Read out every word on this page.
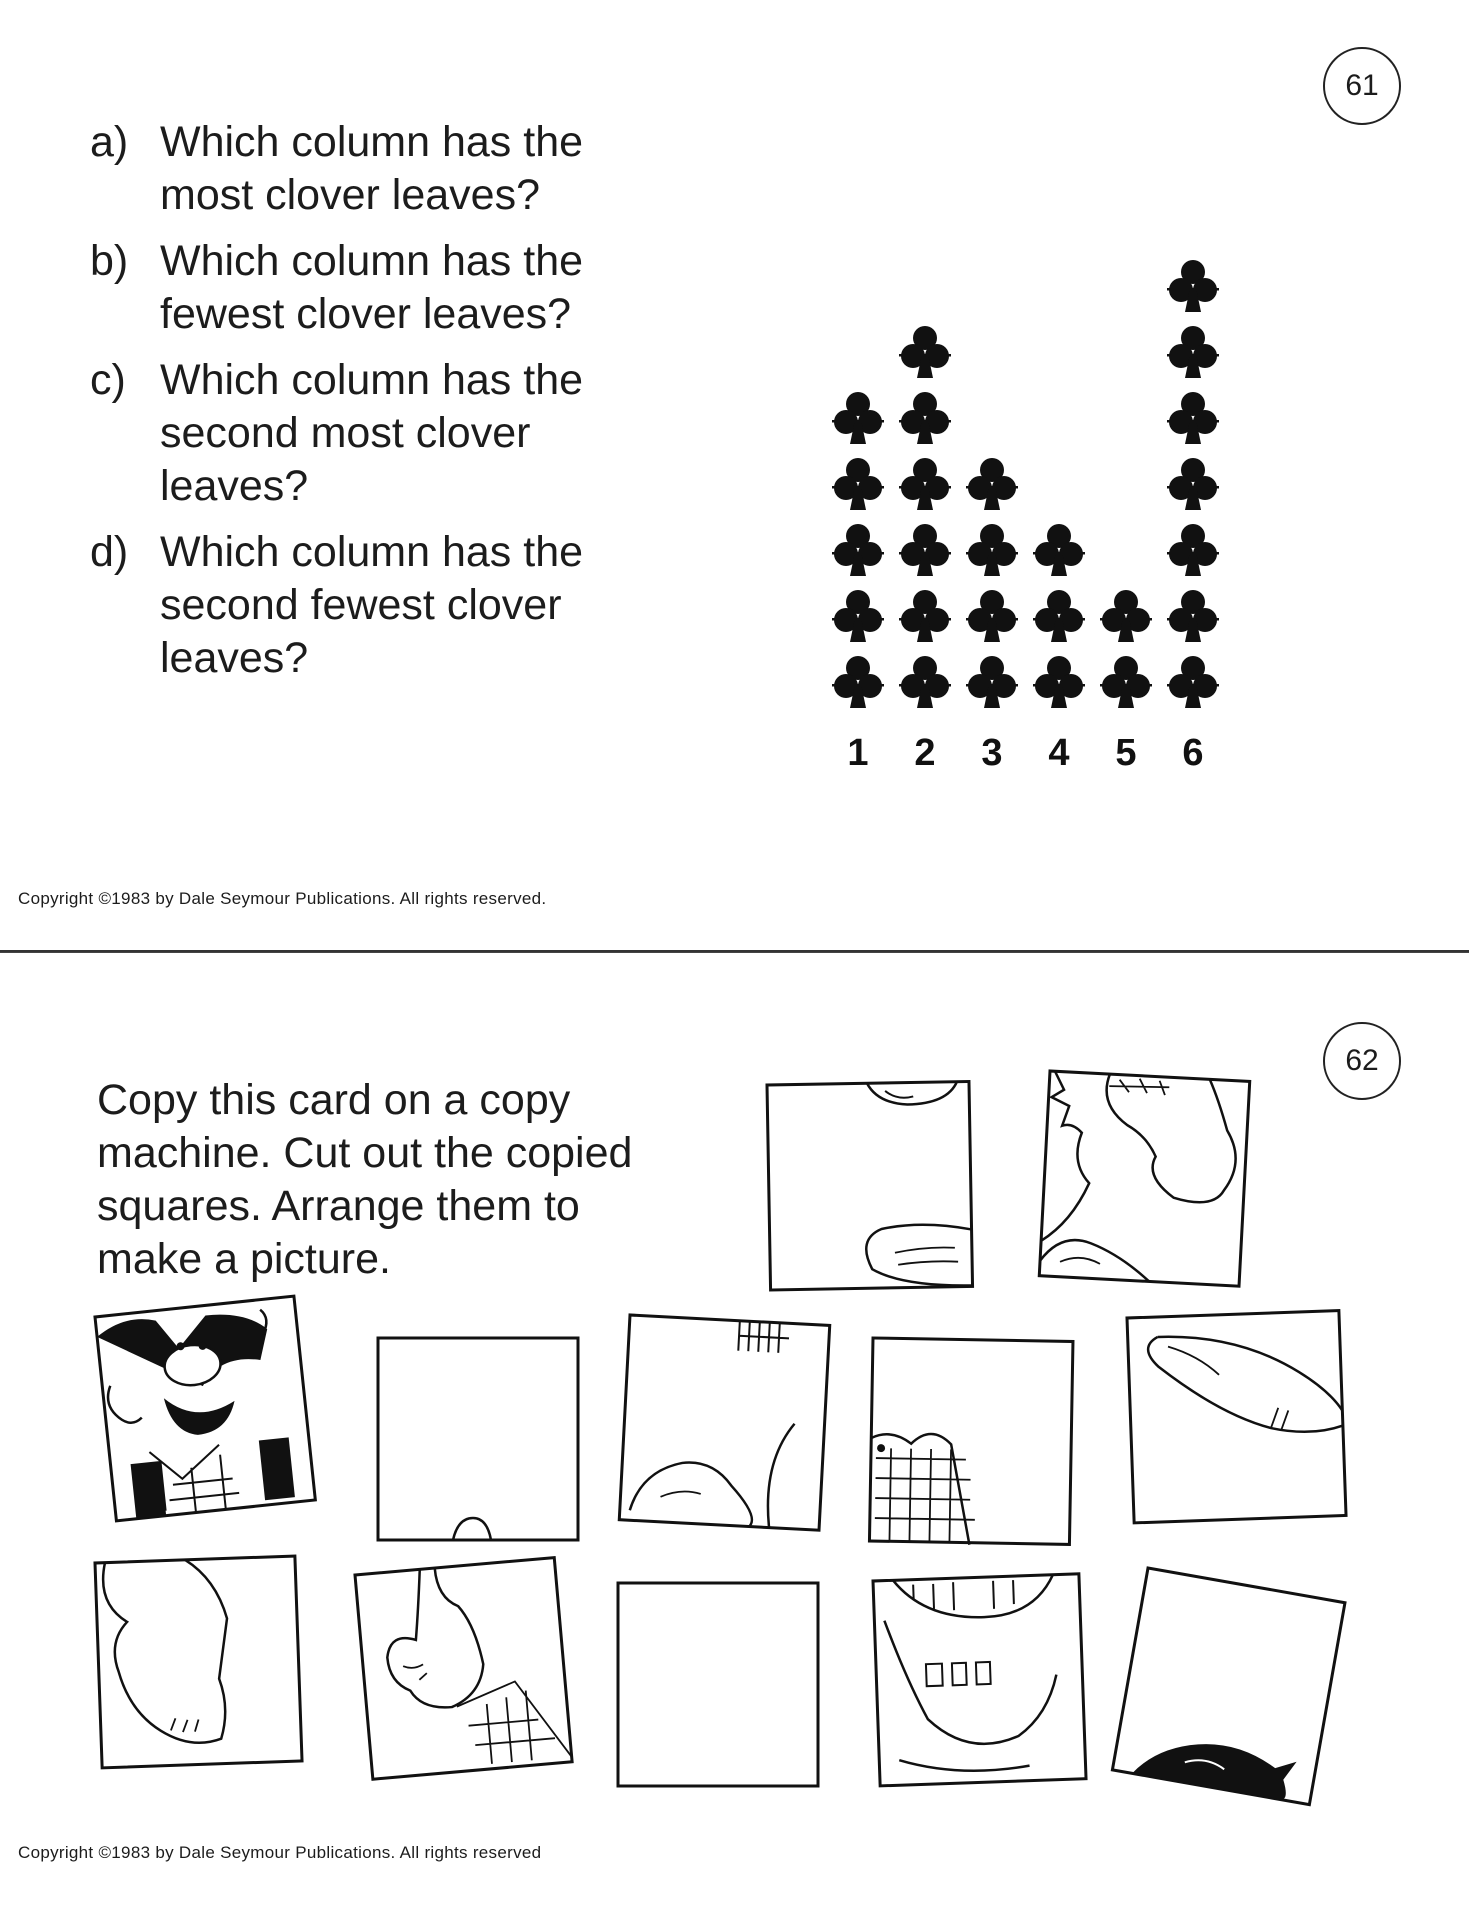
61
a) Which column has the
most clover leaves?
b) Which column has the
fewest clover leaves?
c) Which column has the
second most clover
leaves?
d) Which column has the
second fewest clover
leaves?
1 2 3 4 5 6
Copyright ©1983 by Dale Seymour Publications. All rights reserved.
62
Copy this card on a copy
machine. Cut out the copied
squares. Arrange them to
make a picture.
Copyright ©1983 by Dale Seymour Publications. All rights reserved
